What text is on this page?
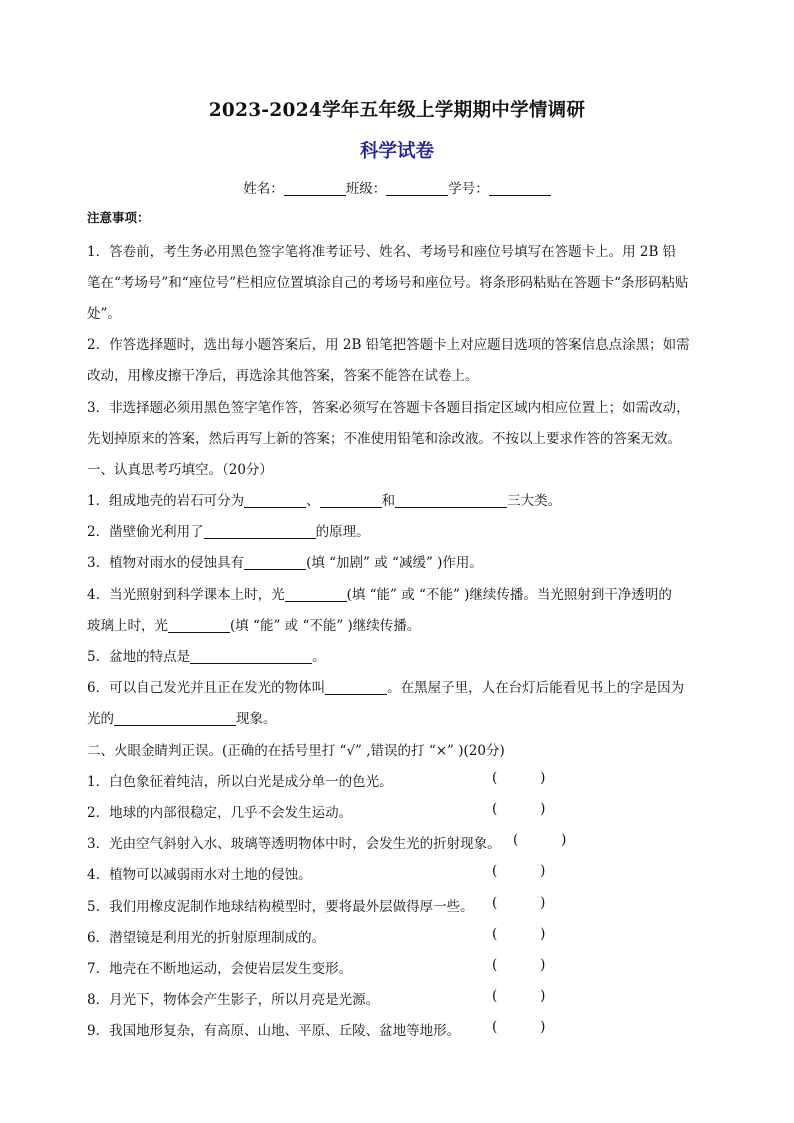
2023-2024学年五年级上学期期中学情调研
科学试卷
姓名：	班级：	学号：
注意事项：
1．答卷前，考生务必用黑色签字笔将准考证号、姓名、考场号和座位号填写在答题卡上。用 2B 铅
笔在“考场号”和“座位号”栏相应位置填涂自己的考场号和座位号。将条形码粘贴在答题卡“条形码粘贴
处”。
2．作答选择题时，选出每小题答案后，用 2B 铅笔把答题卡上对应题目选项的答案信息点涂黑；如需
改动，用橡皮擦干净后，再选涂其他答案，答案不能答在试卷上。
3．非选择题必须用黑色签字笔作答，答案必须写在答题卡各题目指定区域内相应位置上；如需改动，
先划掉原来的答案，然后再写上新的答案；不准使用铅笔和涂改液。不按以上要求作答的答案无效。
一、认真思考巧填空。（20分）
1．组成地壳的岩石可分为	、	和	三大类。
2．凿壁偷光利用了	的原理。
3．植物对雨水的侵蚀具有	(填 “加剧” 或 “减缓” )作用。
4．当光照射到科学课本上时，光	(填 “能” 或 “不能” )继续传播。当光照射到干净透明的
玻璃上时，光	(填 “能” 或 “不能” )继续传播。
5．盆地的特点是	。
6．可以自己发光并且正在发光的物体叫	。在黑屋子里，人在台灯后能看见书上的字是因为
光的	现象。
二、火眼金睛判正误。(正确的在括号里打 “√” ,错误的打 “×” )(20分)
1．白色象征着纯洁，所以白光是成分单一的色光。	(          )
2．地球的内部很稳定，几乎不会发生运动。	(          )
3．光由空气斜射入水、玻璃等透明物体中时，会发生光的折射现象。 (          )
4．植物可以减弱雨水对土地的侵蚀。	(          )
5．我们用橡皮泥制作地球结构模型时，要将最外层做得厚一些。 (          )
6．潜望镜是利用光的折射原理制成的。	(          )
7．地壳在不断地运动，会使岩层发生变形。	(          )
8．月光下，物体会产生影子，所以月亮是光源。	(          )
9．我国地形复杂，有高原、山地、平原、丘陵、盆地等地形。 (          )
